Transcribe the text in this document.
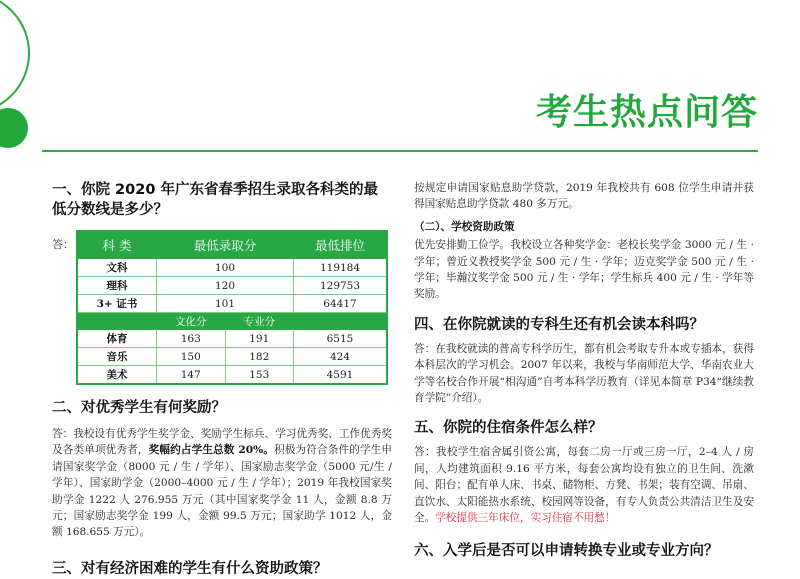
考生热点问答
一、你院 2020 年广东省春季招生录取各科类的最低分数线是多少？
答： 科 类	最低录取分		最低排位
文科	100		119184
理科	120		129753
3+ 证书	101		64417
	文化分	专业分	
体育	163	191	6515
音乐	150	182	424
美术	147	153	4591
二、对优秀学生有何奖励？

答：我校设有优秀学生奖学金、奖励学生标兵、学习优秀奖、工作优秀奖及各类单项优秀者，奖幅约占学生总数 20%。积极为符合条件的学生申请国家奖学金（8000 元 / 生 / 学年）、国家励志奖学金（5000 元/生 / 学年）、国家助学金（2000–4000 元 / 生 / 学年）；2019 年我校国家奖助学金 1222 人 276.955 万元（其中国家奖学金 11 人，金额 8.8 万元；国家励志奖学金 199 人，金额 99.5 万元；国家助学 1012 人，金额 168.655 万元）。

三、对有经济困难的学生有什么资助政策？

按规定申请国家贴息助学贷款，2019 年我校共有 608 位学生申请并获得国家贴息助学贷款 480 多万元。

（二）、学校资助政策

优先安排勤工俭学。我校设立各种奖学金：老校长奖学金 3000 元 / 生 · 学年；曾近义教授奖学金 500 元 / 生 · 学年；迈克奖学金 500 元 / 生 · 学年；毕瀚汶奖学金 500 元 / 生 · 学年；学生标兵 400 元 / 生 · 学年等奖励。

四、在你院就读的专科生还有机会读本科吗？

答：在我校就读的普高专科学历生，都有机会考取专升本或专插本，获得本科层次的学习机会。2007 年以来，我校与华南师范大学、华南农业大学等名校合作开展“相沟通”自考本科学历教育（详见本简章 P34“继续教育学院”介绍）。

五、你院的住宿条件怎么样？

答：我校学生宿舍属引资公寓，每套二房一厅或三房一厅，2–4 人 / 房间，人均建筑面积 9.16 平方米，每套公寓均设有独立的卫生间、洗漱间、阳台；配有单人床、书桌、储物柜、方凳、书架；装有空调、吊扇、直饮水、太阳能热水系统、校园网等设备，有专人负责公共清洁卫生及安全。学校提供三年床位，实习住宿不用愁！

六、入学后是否可以申请转换专业或专业方向？
